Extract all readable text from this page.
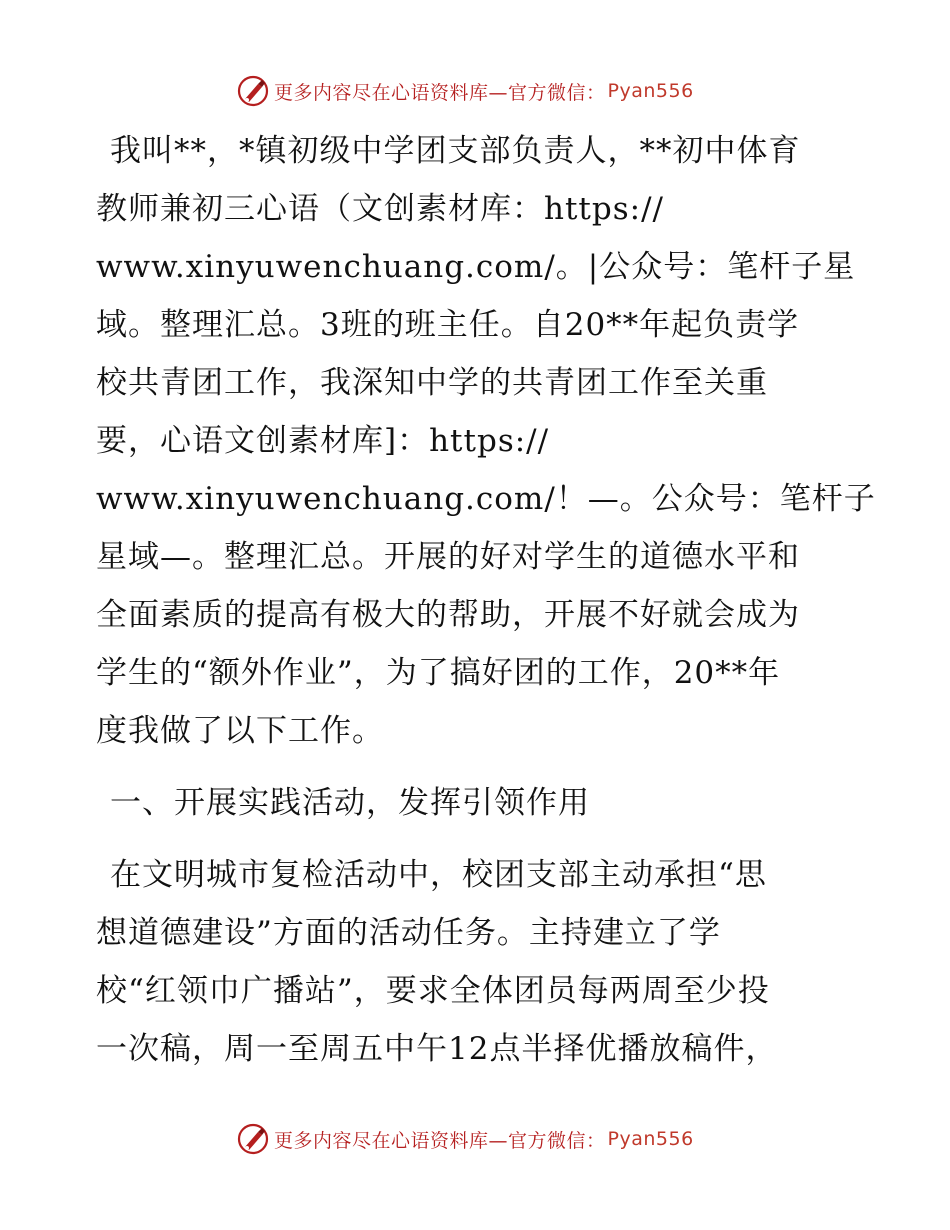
更多内容尽在心语资料库—官方微信： Pyan556

我叫**，*镇初级中学团支部负责人，**初中体育
教师兼初三心语（文创素材库：https://
www.xinyuwenchuang.com/。|公众号：笔杆子星
域。整理汇总。3班的班主任。自20**年起负责学
校共青团工作，我深知中学的共青团工作至关重
要，心语文创素材库]：https://
www.xinyuwenchuang.com/！—。公众号：笔杆子
星域—。整理汇总。开展的好对学生的道德水平和
全面素质的提高有极大的帮助，开展不好就会成为
学生的“额外作业”，为了搞好团的工作，20**年
度我做了以下工作。

一、开展实践活动，发挥引领作用

在文明城市复检活动中，校团支部主动承担“思
想道德建设”方面的活动任务。主持建立了学
校“红领巾广播站”，要求全体团员每两周至少投
一次稿，周一至周五中午12点半择优播放稿件，

更多内容尽在心语资料库—官方微信： Pyan556
